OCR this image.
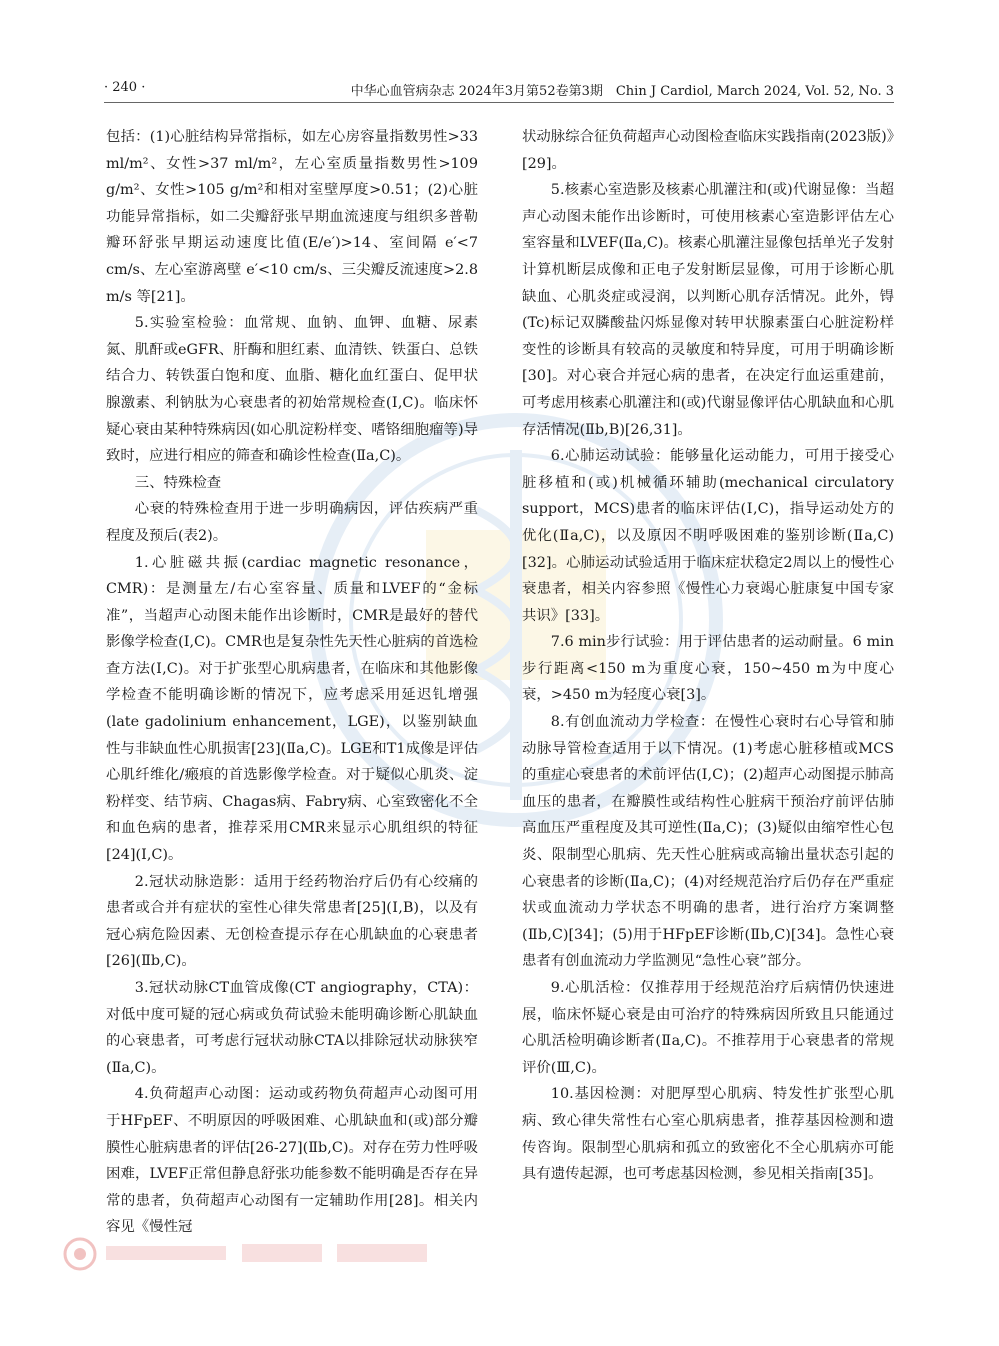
· 240 ·	中华心血管病杂志 2024年3月第52卷第3期　Chin J Cardiol, March 2024, Vol. 52, No. 3

包括：(1)心脏结构异常指标，如左心房容量指数男性>33 ml/m²、女性>37 ml/m²，左心室质量指数男性>109 g/m²、女性>105 g/m²和相对室壁厚度>0.51；(2)心脏功能异常指标，如二尖瓣舒张早期血流速度与组织多普勒瓣环舒张早期运动速度比值(E/e′)>14、室间隔 e′<7 cm/s、左心室游离壁 e′<10 cm/s、三尖瓣反流速度>2.8 m/s 等[21]。

5.实验室检验：血常规、血钠、血钾、血糖、尿素氮、肌酐或eGFR、肝酶和胆红素、血清铁、铁蛋白、总铁结合力、转铁蛋白饱和度、血脂、糖化血红蛋白、促甲状腺激素、利钠肽为心衰患者的初始常规检查(Ⅰ,C)。临床怀疑心衰由某种特殊病因(如心肌淀粉样变、嗜铬细胞瘤等)导致时，应进行相应的筛查和确诊性检查(Ⅱa,C)。

三、特殊检查

心衰的特殊检查用于进一步明确病因，评估疾病严重程度及预后(表2)。

1.心脏磁共振(cardiac magnetic resonance，CMR)：是测量左/右心室容量、质量和LVEF的“金标准”，当超声心动图未能作出诊断时，CMR是最好的替代影像学检查(Ⅰ,C)。CMR也是复杂性先天性心脏病的首选检查方法(Ⅰ,C)。对于扩张型心肌病患者，在临床和其他影像学检查不能明确诊断的情况下，应考虑采用延迟钆增强(late gadolinium enhancement，LGE)，以鉴别缺血性与非缺血性心肌损害[23](Ⅱa,C)。LGE和T1成像是评估心肌纤维化/瘢痕的首选影像学检查。对于疑似心肌炎、淀粉样变、结节病、Chagas病、Fabry病、心室致密化不全和血色病的患者，推荐采用CMR来显示心肌组织的特征[24](Ⅰ,C)。

2.冠状动脉造影：适用于经药物治疗后仍有心绞痛的患者或合并有症状的室性心律失常患者[25](Ⅰ,B)，以及有冠心病危险因素、无创检查提示存在心肌缺血的心衰患者[26](Ⅱb,C)。

3.冠状动脉CT血管成像(CT angiography，CTA)：对低中度可疑的冠心病或负荷试验未能明确诊断心肌缺血的心衰患者，可考虑行冠状动脉CTA以排除冠状动脉狭窄(Ⅱa,C)。

4.负荷超声心动图：运动或药物负荷超声心动图可用于HFpEF、不明原因的呼吸困难、心肌缺血和(或)部分瓣膜性心脏病患者的评估[26-27](Ⅱb,C)。对存在劳力性呼吸困难，LVEF正常但静息舒张功能参数不能明确是否存在异常的患者，负荷超声心动图有一定辅助作用[28]。相关内容见《慢性冠

状动脉综合征负荷超声心动图检查临床实践指南(2023版)》[29]。

5.核素心室造影及核素心肌灌注和(或)代谢显像：当超声心动图未能作出诊断时，可使用核素心室造影评估左心室容量和LVEF(Ⅱa,C)。核素心肌灌注显像包括单光子发射计算机断层成像和正电子发射断层显像，可用于诊断心肌缺血、心肌炎症或浸润，以判断心肌存活情况。此外，锝(Tc)标记双膦酸盐闪烁显像对转甲状腺素蛋白心脏淀粉样变性的诊断具有较高的灵敏度和特异度，可用于明确诊断[30]。对心衰合并冠心病的患者，在决定行血运重建前，可考虑用核素心肌灌注和(或)代谢显像评估心肌缺血和心肌存活情况(Ⅱb,B)[26,31]。

6.心肺运动试验：能够量化运动能力，可用于接受心脏移植和(或)机械循环辅助(mechanical circulatory support，MCS)患者的临床评估(Ⅰ,C)，指导运动处方的优化(Ⅱa,C)，以及原因不明呼吸困难的鉴别诊断(Ⅱa,C)[32]。心肺运动试验适用于临床症状稳定2周以上的慢性心衰患者，相关内容参照《慢性心力衰竭心脏康复中国专家共识》[33]。

7.6 min步行试验：用于评估患者的运动耐量。6 min步行距离<150 m为重度心衰，150~450 m为中度心衰，>450 m为轻度心衰[3]。

8.有创血流动力学检查：在慢性心衰时右心导管和肺动脉导管检查适用于以下情况。(1)考虑心脏移植或MCS的重症心衰患者的术前评估(Ⅰ,C)；(2)超声心动图提示肺高血压的患者，在瓣膜性或结构性心脏病干预治疗前评估肺高血压严重程度及其可逆性(Ⅱa,C)；(3)疑似由缩窄性心包炎、限制型心肌病、先天性心脏病或高输出量状态引起的心衰患者的诊断(Ⅱa,C)；(4)对经规范治疗后仍存在严重症状或血流动力学状态不明确的患者，进行治疗方案调整(Ⅱb,C)[34]；(5)用于HFpEF诊断(Ⅱb,C)[34]。急性心衰患者有创血流动力学监测见“急性心衰”部分。

9.心肌活检：仅推荐用于经规范治疗后病情仍快速进展，临床怀疑心衰是由可治疗的特殊病因所致且只能通过心肌活检明确诊断者(Ⅱa,C)。不推荐用于心衰患者的常规评价(Ⅲ,C)。

10.基因检测：对肥厚型心肌病、特发性扩张型心肌病、致心律失常性右心室心肌病患者，推荐基因检测和遗传咨询。限制型心肌病和孤立的致密化不全心肌病亦可能具有遗传起源，也可考虑基因检测，参见相关指南[35]。
